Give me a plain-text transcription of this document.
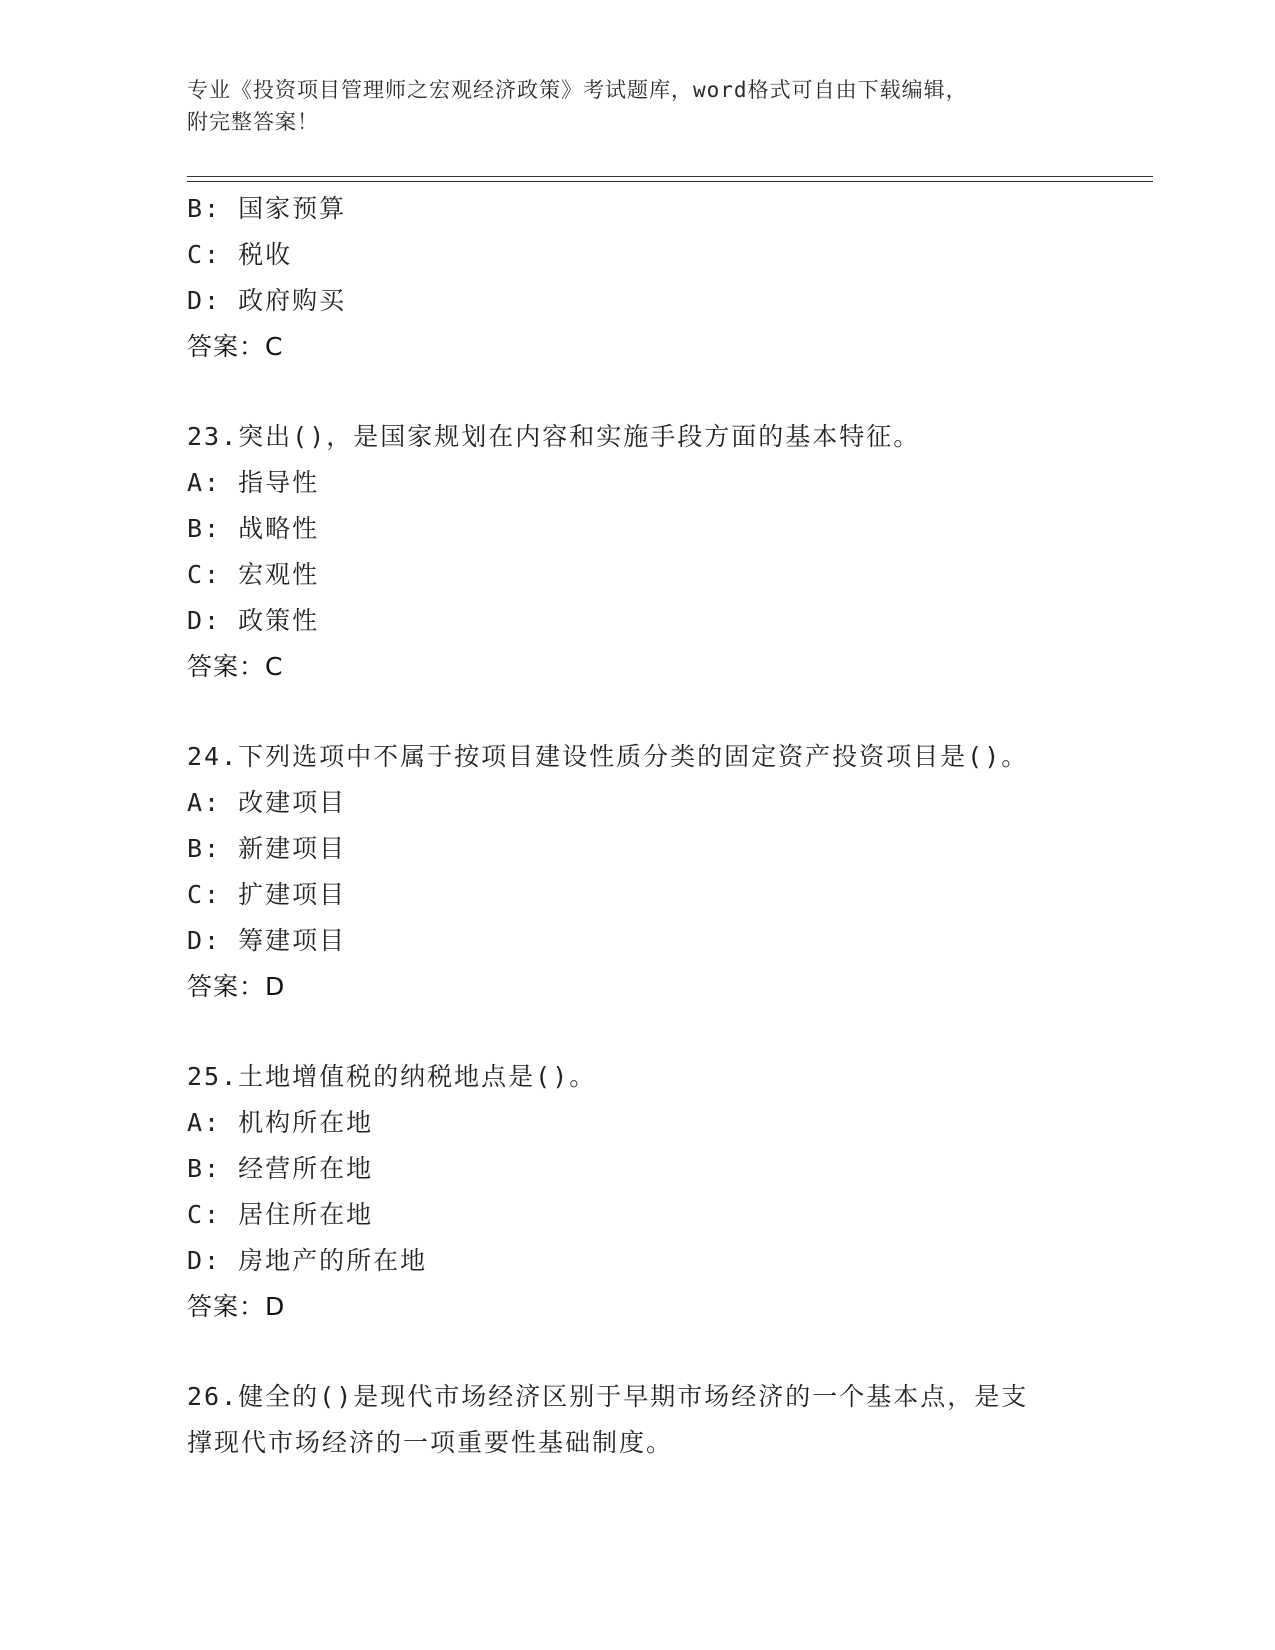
专业《投资项目管理师之宏观经济政策》考试题库，word格式可自由下载编辑，
附完整答案！
B: 国家预算
C: 税收
D: 政府购买
答案：C
23.突出()，是国家规划在内容和实施手段方面的基本特征。
A: 指导性
B: 战略性
C: 宏观性
D: 政策性
答案：C
24.下列选项中不属于按项目建设性质分类的固定资产投资项目是()。
A: 改建项目
B: 新建项目
C: 扩建项目
D: 筹建项目
答案：D
25.土地增值税的纳税地点是()。
A: 机构所在地
B: 经营所在地
C: 居住所在地
D: 房地产的所在地
答案：D
26.健全的()是现代市场经济区别于早期市场经济的一个基本点，是支
撑现代市场经济的一项重要性基础制度。
